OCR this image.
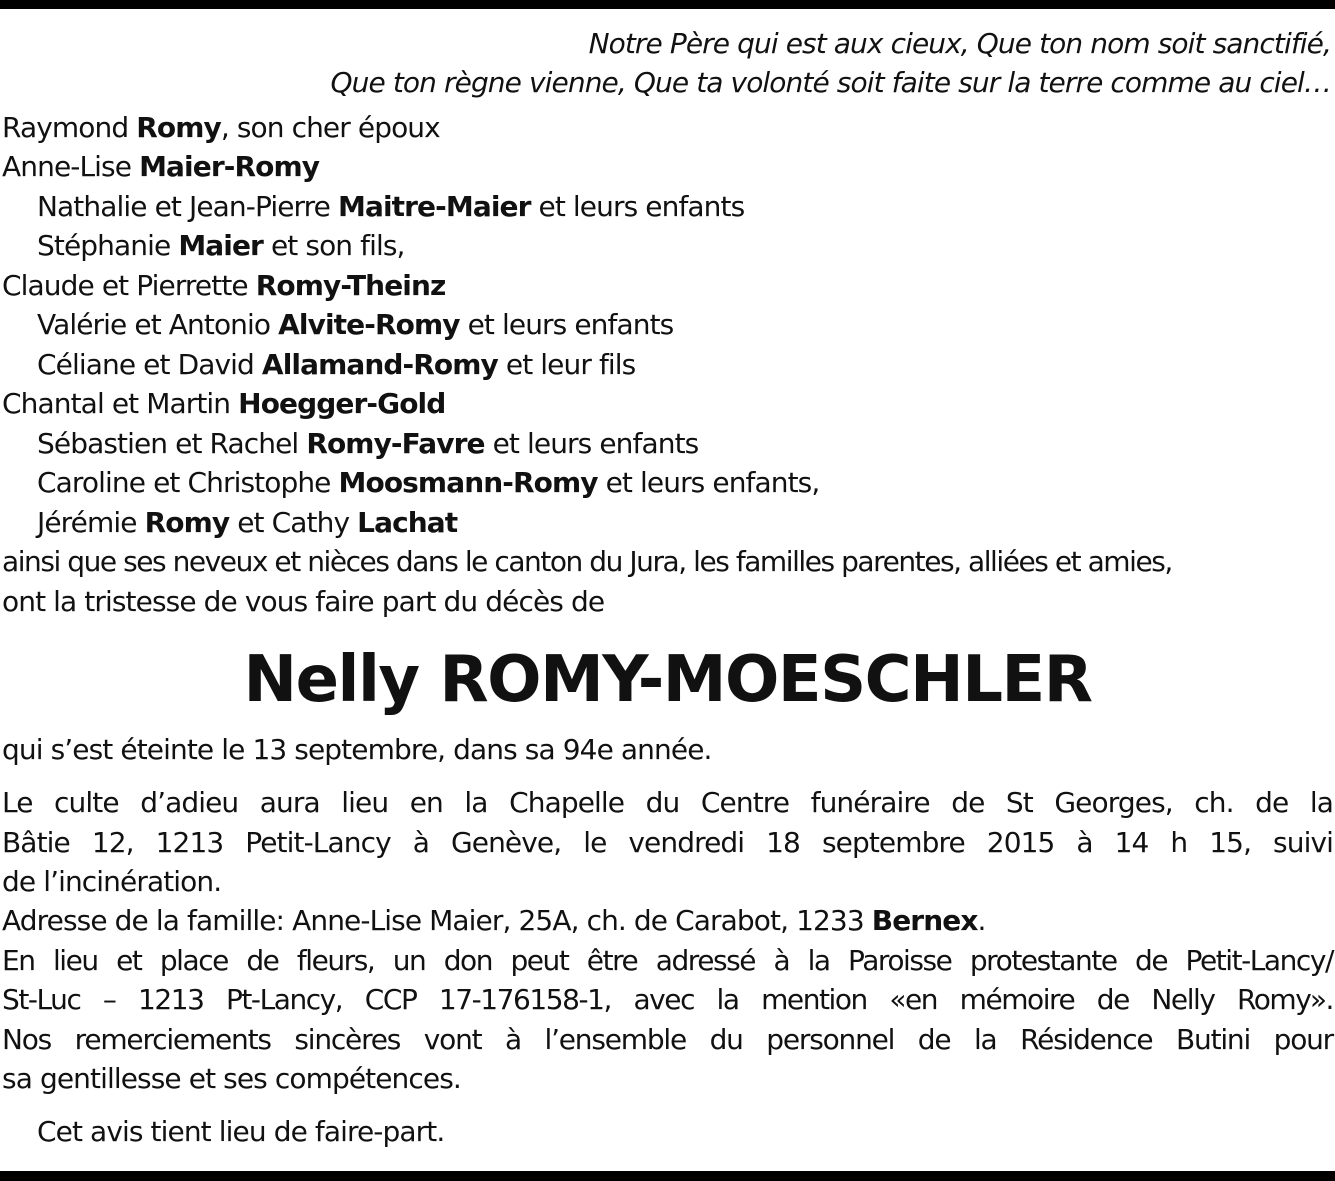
Notre Père qui est aux cieux, Que ton nom soit sanctifié,
Que ton règne vienne, Que ta volonté soit faite sur la terre comme au ciel…
Raymond Romy, son cher époux
Anne-Lise Maier-Romy
Nathalie et Jean-Pierre Maitre-Maier et leurs enfants
Stéphanie Maier et son fils,
Claude et Pierrette Romy-Theinz
Valérie et Antonio Alvite-Romy et leurs enfants
Céliane et David Allamand-Romy et leur fils
Chantal et Martin Hoegger-Gold
Sébastien et Rachel Romy-Favre et leurs enfants
Caroline et Christophe Moosmann-Romy et leurs enfants,
Jérémie Romy et Cathy Lachat
ainsi que ses neveux et nièces dans le canton du Jura, les familles parentes, alliées et amies,
ont la tristesse de vous faire part du décès de
Nelly ROMY-MOESCHLER
qui s’est éteinte le 13 septembre, dans sa 94e année.
Le culte d’adieu aura lieu en la Chapelle du Centre funéraire de St Georges, ch. de la
Bâtie 12, 1213 Petit-Lancy à Genève, le vendredi 18 septembre 2015 à 14 h 15, suivi
de l’incinération.
Adresse de la famille: Anne-Lise Maier, 25A, ch. de Carabot, 1233 Bernex.
En lieu et place de fleurs, un don peut être adressé à la Paroisse protestante de Petit-Lancy/
St-Luc – 1213 Pt-Lancy, CCP 17-176158-1, avec la mention «en mémoire de Nelly Romy».
Nos remerciements sincères vont à l’ensemble du personnel de la Résidence Butini pour
sa gentillesse et ses compétences.
Cet avis tient lieu de faire-part.
